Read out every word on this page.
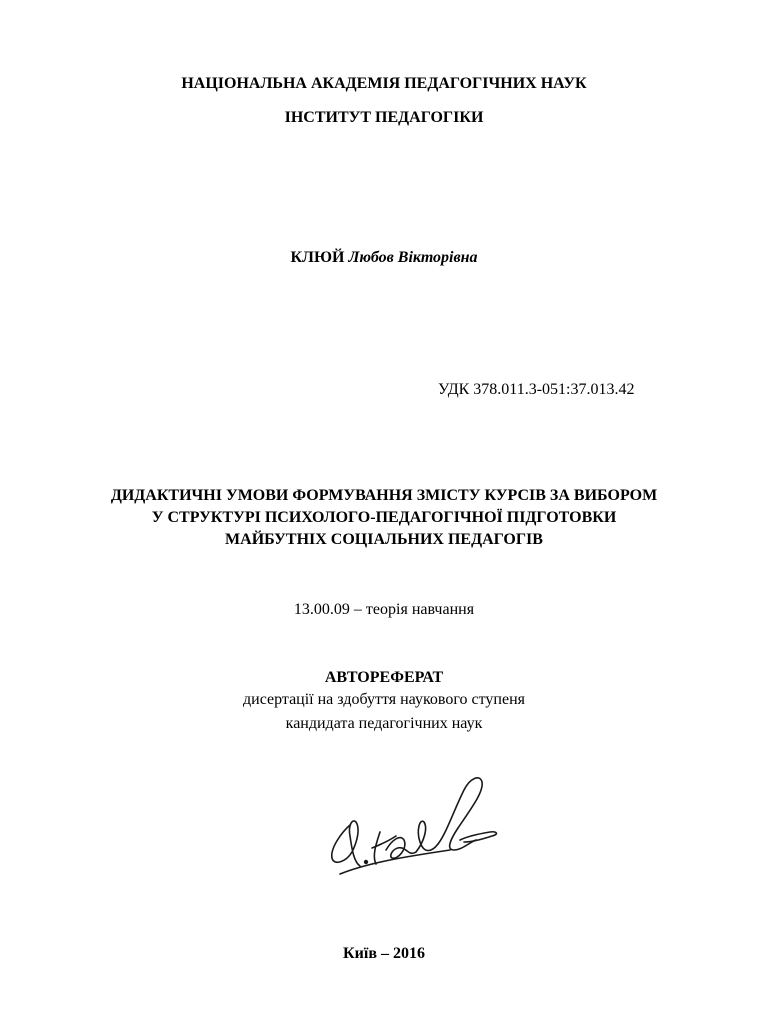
НАЦІОНАЛЬНА АКАДЕМІЯ ПЕДАГОГІЧНИХ НАУК
ІНСТИТУТ ПЕДАГОГІКИ
КЛЮЙ Любов Вікторівна
УДК 378.011.3-051:37.013.42
ДИДАКТИЧНІ УМОВИ ФОРМУВАННЯ ЗМІСТУ КУРСІВ ЗА ВИБОРОМ
У СТРУКТУРІ ПСИХОЛОГО-ПЕДАГОГІЧНОЇ ПІДГОТОВКИ
МАЙБУТНІХ СОЦІАЛЬНИХ ПЕДАГОГІВ
13.00.09 – теорія навчання
АВТОРЕФЕРАТ
дисертації на здобуття наукового ступеня
кандидата педагогічних наук
Київ – 2016
